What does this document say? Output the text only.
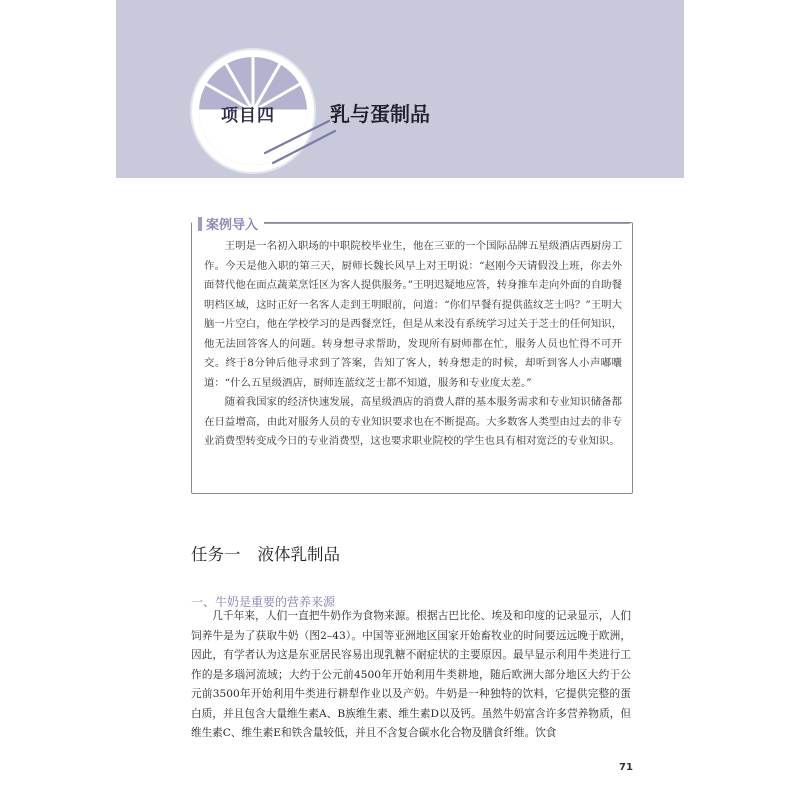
项目四	乳与蛋制品
案例导入

王明是一名初入职场的中职院校毕业生，他在三亚的一个国际品牌五星级酒店西厨房工作。今天是他入职的第三天，厨师长魏长风早上对王明说：“赵刚今天请假没上班，你去外面替代他在面点蔬菜烹饪区为客人提供服务。”王明迟疑地应答，转身推车走向外面的自助餐明档区域，这时正好一名客人走到王明眼前，问道：“你们早餐有提供蓝纹芝士吗？”王明大脑一片空白，他在学校学习的是西餐烹饪，但是从来没有系统学习过关于芝士的任何知识，他无法回答客人的问题。转身想寻求帮助，发现所有厨师都在忙，服务人员也忙得不可开交。终于8分钟后他寻求到了答案，告知了客人，转身想走的时候，却听到客人小声嘟囔道：“什么五星级酒店，厨师连蓝纹芝士都不知道，服务和专业度太差。”

随着我国家的经济快速发展，高星级酒店的消费人群的基本服务需求和专业知识储备都在日益增高，由此对服务人员的专业知识要求也在不断提高。大多数客人类型由过去的非专业消费型转变成今日的专业消费型，这也要求职业院校的学生也具有相对宽泛的专业知识。

任务一 液体乳制品
一、牛奶是重要的营养来源

几千年来，人们一直把牛奶作为食物来源。根据古巴比伦、埃及和印度的记录显示，人们饲养牛是为了获取牛奶（图2–43）。中国等亚洲地区国家开始畜牧业的时间要远远晚于欧洲，因此，有学者认为这是东亚居民容易出现乳糖不耐症状的主要原因。最早显示利用牛类进行工作的是多瑙河流域；大约于公元前4500年开始利用牛类耕地，随后欧洲大部分地区大约于公元前3500年开始利用牛类进行耕犁作业以及产奶。牛奶是一种独特的饮料，它提供完整的蛋白质，并且包含大量维生素A、B族维生素、维生素D以及钙。虽然牛奶富含许多营养物质，但维生素C、维生素E和铁含量较低，并且不含复合碳水化合物及膳食纤维。饮食

71
